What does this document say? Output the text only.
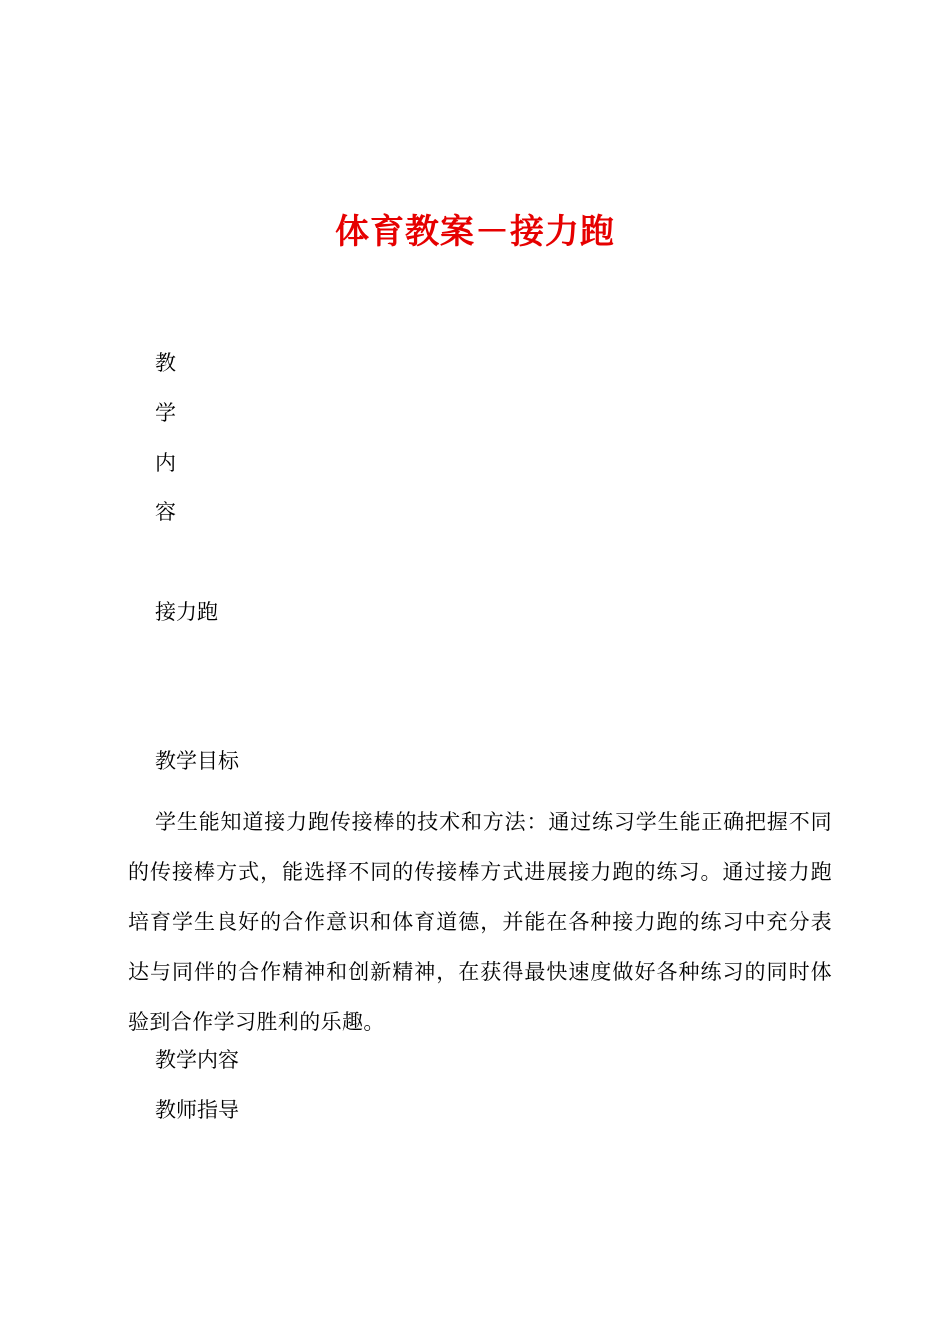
体育教案－接力跑
教
学
内
容
接力跑
教学目标
学生能知道接力跑传接棒的技术和方法：通过练习学生能正确把握不同的传接棒方式，能选择不同的传接棒方式进展接力跑的练习。通过接力跑培育学生良好的合作意识和体育道德，并能在各种接力跑的练习中充分表达与同伴的合作精神和创新精神，在获得最快速度做好各种练习的同时体验到合作学习胜利的乐趣。
教学内容
教师指导
